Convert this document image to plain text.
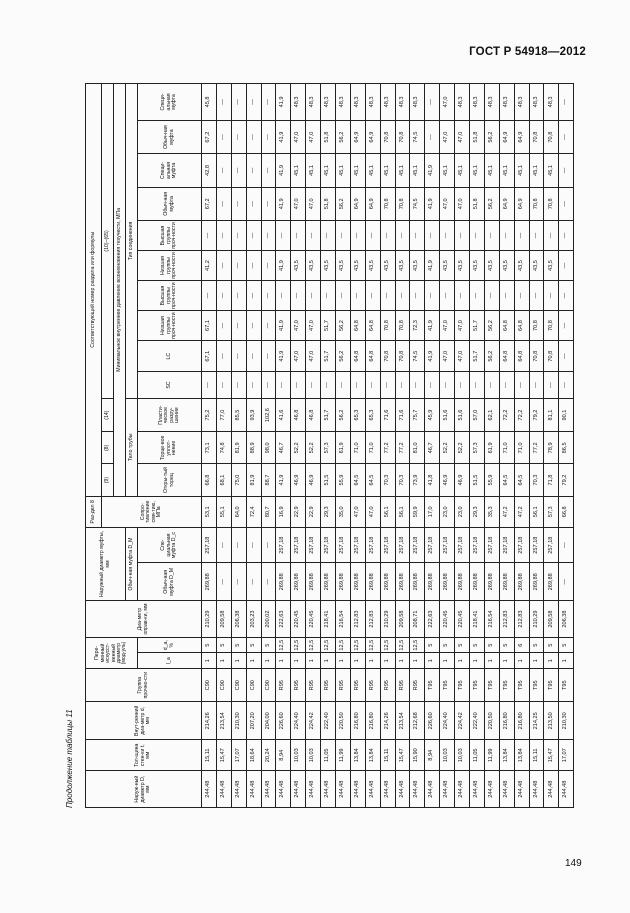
ГОСТ Р 54918—2012
Продолжение таблицы 11	Наруж-ный диаметр D, мм	Тол-щина стен-ки t, мм	Внут-ренний диа-метр d, мм	Группа прочно-сти	Пере-менный искусст-венный диаметр (мод-уль)		Диа-метр оправ-ки, мм	Наружный диаметр муфты, мм		Раз-дел 8	Соответствующий номер раздела или формулы												
									Сопро-тивление смя-тию, МПа	(9)	(8)	(14)	(10)–(65)									
										Минимальное внутреннее давление возникновения текучести, МПа												
							Обыч-ная муфта D_M			Тело трубы			Тип соединения									
				l_a	d_a, %		Обыч-ная муфта D_M	Спе-циальная муфта D_c		Откры-тый торец	Торце-вое уплот-нение	Пласти-ческое разру-шение	SC	LC	Низшая группы проч-ности	Высшая группы проч-ности	Низшая группы проч-ности	Высшая группы проч-ности	Обыч-ная муфта	Специ-альная муфта	Обыч-ная муфта	Специ-альная муфта
244,48	15,11	214,26	С90	1	5	210,29	269,88	257,18	53,1	66,8	73,1	75,2	—	67,1	67,1	—	41,2	—	67,2	42,8	67,2	45,8
244,48	15,47	213,54	С90	1	5	209,58	—	—	55,1	68,1	74,8	77,0	—	—	—	—	—	—	—	—	—	—
244,48	17,07	210,30	С90	1	5	206,38	—	—	64,0	75,0	81,9	85,5	—	—	—	—	—	—	—	—	—	—
244,48	18,64	207,20	С90	1	5	203,23	—	—	72,4	81,9	88,9	93,9	—	—	—	—	—	—	—	—	—	—
244,48	20,24	204,00	С90	1	5	200,02	—	—	80,7	88,7	98,0	102,6	—	—	—	—	—	—	—	—	—	—
244,48	8,94	226,60	R95	1	12,5	222,63	269,88	257,18	16,9	41,9	46,7	41,6	—	41,9	41,9	—	41,9	—	41,9	41,9	41,9	41,9
244,48	10,03	224,40	R95	1	12,5	220,45	269,88	257,18	22,9	46,9	52,2	46,8	—	47,0	47,0	—	43,5	—	47,0	45,1	47,0	48,3
244,48	10,03	224,42	R95	1	12,5	220,45	269,88	257,18	22,9	46,9	52,2	46,8	—	47,0	47,0	—	43,5	—	47,0	45,1	47,0	48,3
244,48	11,05	222,40	R95	1	12,5	218,41	269,88	257,18	29,3	51,5	57,3	51,7	—	51,7	51,7	—	43,5	—	51,8	45,1	51,8	48,3
244,48	11,99	220,50	R95	1	12,5	216,54	269,88	257,18	35,0	55,9	61,9	56,2	—	56,2	56,2	—	43,5	—	56,2	45,1	56,2	48,3
244,48	13,84	216,80	R95	1	12,5	212,83	269,88	257,18	47,0	64,5	71,0	65,3	—	64,8	64,8	—	43,5	—	64,9	45,1	64,9	48,3
244,48	13,84	216,80	R95	1	12,5	212,83	269,88	257,18	47,0	64,5	71,0	65,3	—	64,8	64,8	—	43,5	—	64,9	45,1	64,9	48,3
244,48	15,11	214,26	R95	1	12,5	210,29	269,88	257,18	56,1	70,3	77,2	71,6	—	70,8	70,8	—	43,5	—	70,8	45,1	70,8	48,3
244,48	15,47	213,54	R95	1	12,5	209,58	269,88	257,18	56,1	70,3	77,2	71,6	—	70,8	70,8	—	43,5	—	70,8	45,1	70,8	48,3
244,48	15,90	212,68	R95	1	12,5	208,71	269,88	257,18	59,9	73,9	81,0	75,7	—	74,5	72,3	—	43,5	—	74,5	45,1	74,5	48,3
244,48	8,94	226,60	Т95	1	5	222,63	269,88	257,18	17,0	41,8	46,7	45,9	—	41,9	41,9	—	41,9	—	41,9	41,9	—	—
244,48	10,03	224,40	Т95	1	5	220,45	269,88	257,18	23,0	46,9	52,2	51,6	—	47,0	47,0	—	43,5	—	47,0	45,1	47,0	47,0
244,48	10,03	224,42	Т95	1	5	220,45	269,88	257,18	23,0	46,9	52,2	51,6	—	47,0	47,0	—	43,5	—	47,0	45,1	47,0	48,3
244,48	11,05	222,40	Т95	1	5	218,41	269,88	257,18	29,3	51,5	57,3	57,0	—	51,7	51,7	—	43,5	—	51,8	45,1	51,8	48,3
244,48	11,99	220,50	Т95	1	5	216,54	269,88	257,18	35,3	55,9	61,9	62,1	—	56,2	56,2	—	43,5	—	56,2	45,1	56,2	48,3
244,48	13,84	216,80	Т95	1	5	212,83	269,88	257,18	47,2	64,5	71,0	72,2	—	64,8	64,8	—	43,5	—	64,9	45,1	64,9	48,3
244,48	13,84	216,80	Т95	1	6	212,83	269,88	257,18	47,2	64,5	71,0	72,2	—	64,8	64,8	—	43,5	—	64,9	45,1	64,9	48,3
244,48	15,11	214,25	Т95	1	5	210,29	269,88	257,18	56,1	70,3	77,2	79,2	—	70,8	70,8	—	43,5	—	70,8	45,1	70,8	48,3
244,48	15,47	213,50	Т95	1	5	209,58	269,88	257,18	57,3	71,8	78,9	81,1	—	70,8	70,8	—	43,5	—	70,8	45,1	70,8	48,3
244,48	17,07	210,30	Т95	1	5	206,38	—	—	66,8	79,2	86,5	90,1	—	—	—	—	—	—	—	—	—	—
149
